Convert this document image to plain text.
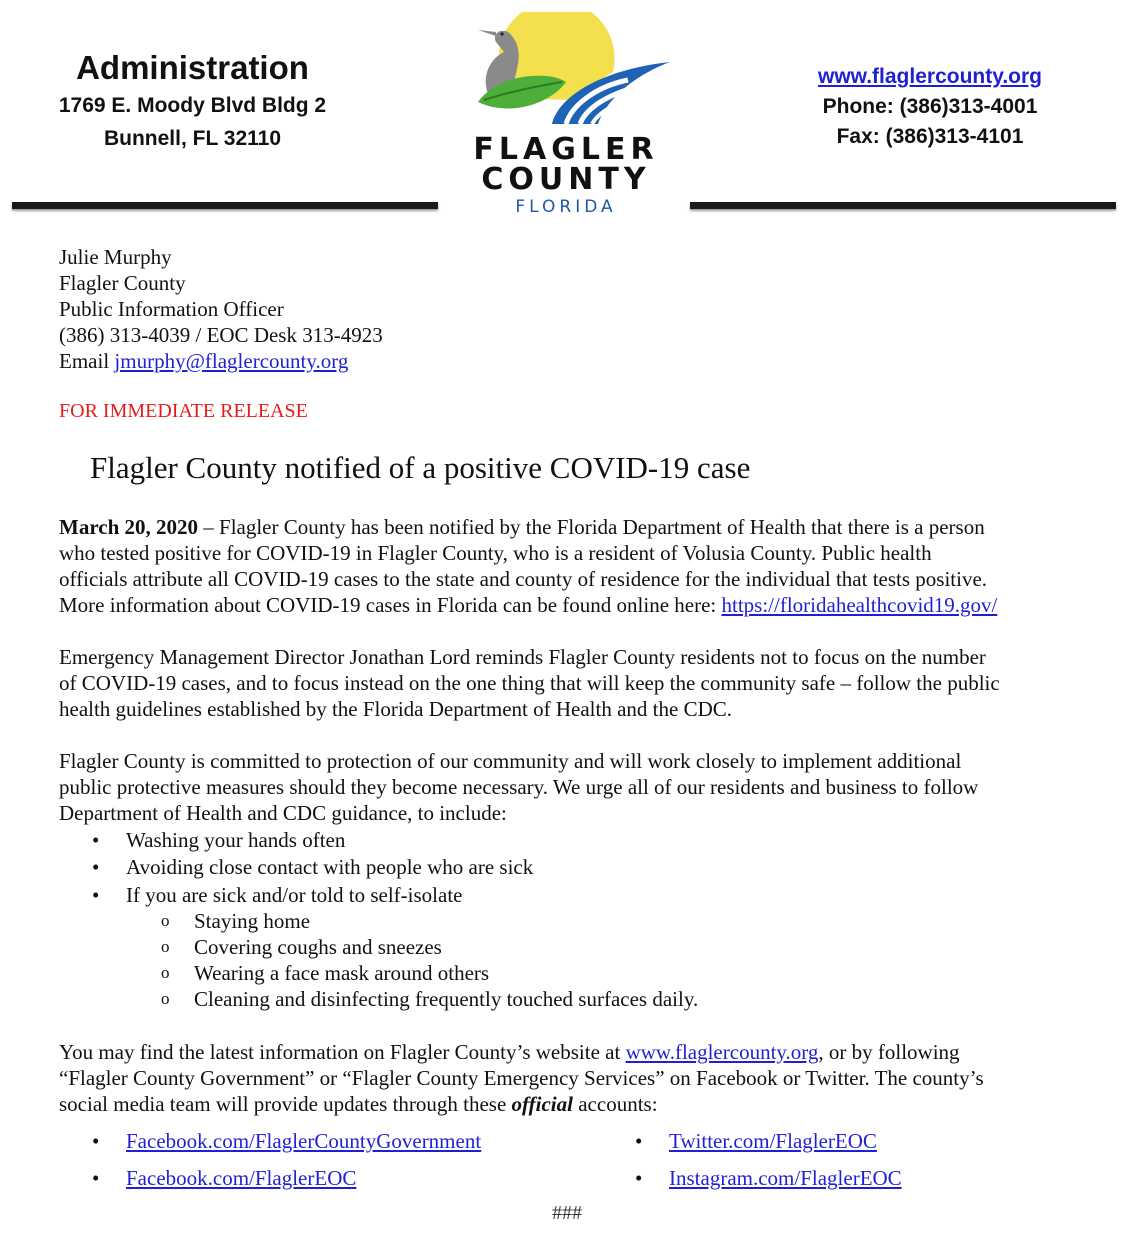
Administration
1769 E. Moody Blvd Bldg 2
Bunnell, FL 32110	FLAGLER
COUNTY
FLORIDA
www.flaglercounty.org
Phone: (386)313-4001
Fax: (386)313-4101
Julie Murphy
Flagler County
Public Information Officer
(386) 313-4039 / EOC Desk 313-4923
Email jmurphy@flaglercounty.org
FOR IMMEDIATE RELEASE
Flagler County notified of a positive COVID-19 case
March 20, 2020 – Flagler County has been notified by the Florida Department of Health that there is a person
who tested positive for COVID-19 in Flagler County, who is a resident of Volusia County. Public health
officials attribute all COVID-19 cases to the state and county of residence for the individual that tests positive.
More information about COVID-19 cases in Florida can be found online here: https://floridahealthcovid19.gov/
Emergency Management Director Jonathan Lord reminds Flagler County residents not to focus on the number
of COVID-19 cases, and to focus instead on the one thing that will keep the community safe – follow the public
health guidelines established by the Florida Department of Health and the CDC.
Flagler County is committed to protection of our community and will work closely to implement additional
public protective measures should they become necessary. We urge all of our residents and business to follow
Department of Health and CDC guidance, to include:
• Washing your hands often
• Avoiding close contact with people who are sick
• If you are sick and/or told to self-isolate
o Staying home
o Covering coughs and sneezes
o Wearing a face mask around others
o Cleaning and disinfecting frequently touched surfaces daily.
You may find the latest information on Flagler County’s website at www.flaglercounty.org, or by following
“Flagler County Government” or “Flagler County Emergency Services” on Facebook or Twitter. The county’s
social media team will provide updates through these official accounts:
• Facebook.com/FlaglerCountyGovernment	• Twitter.com/FlaglerEOC
• Facebook.com/FlaglerEOC	• Instagram.com/FlaglerEOC
###
